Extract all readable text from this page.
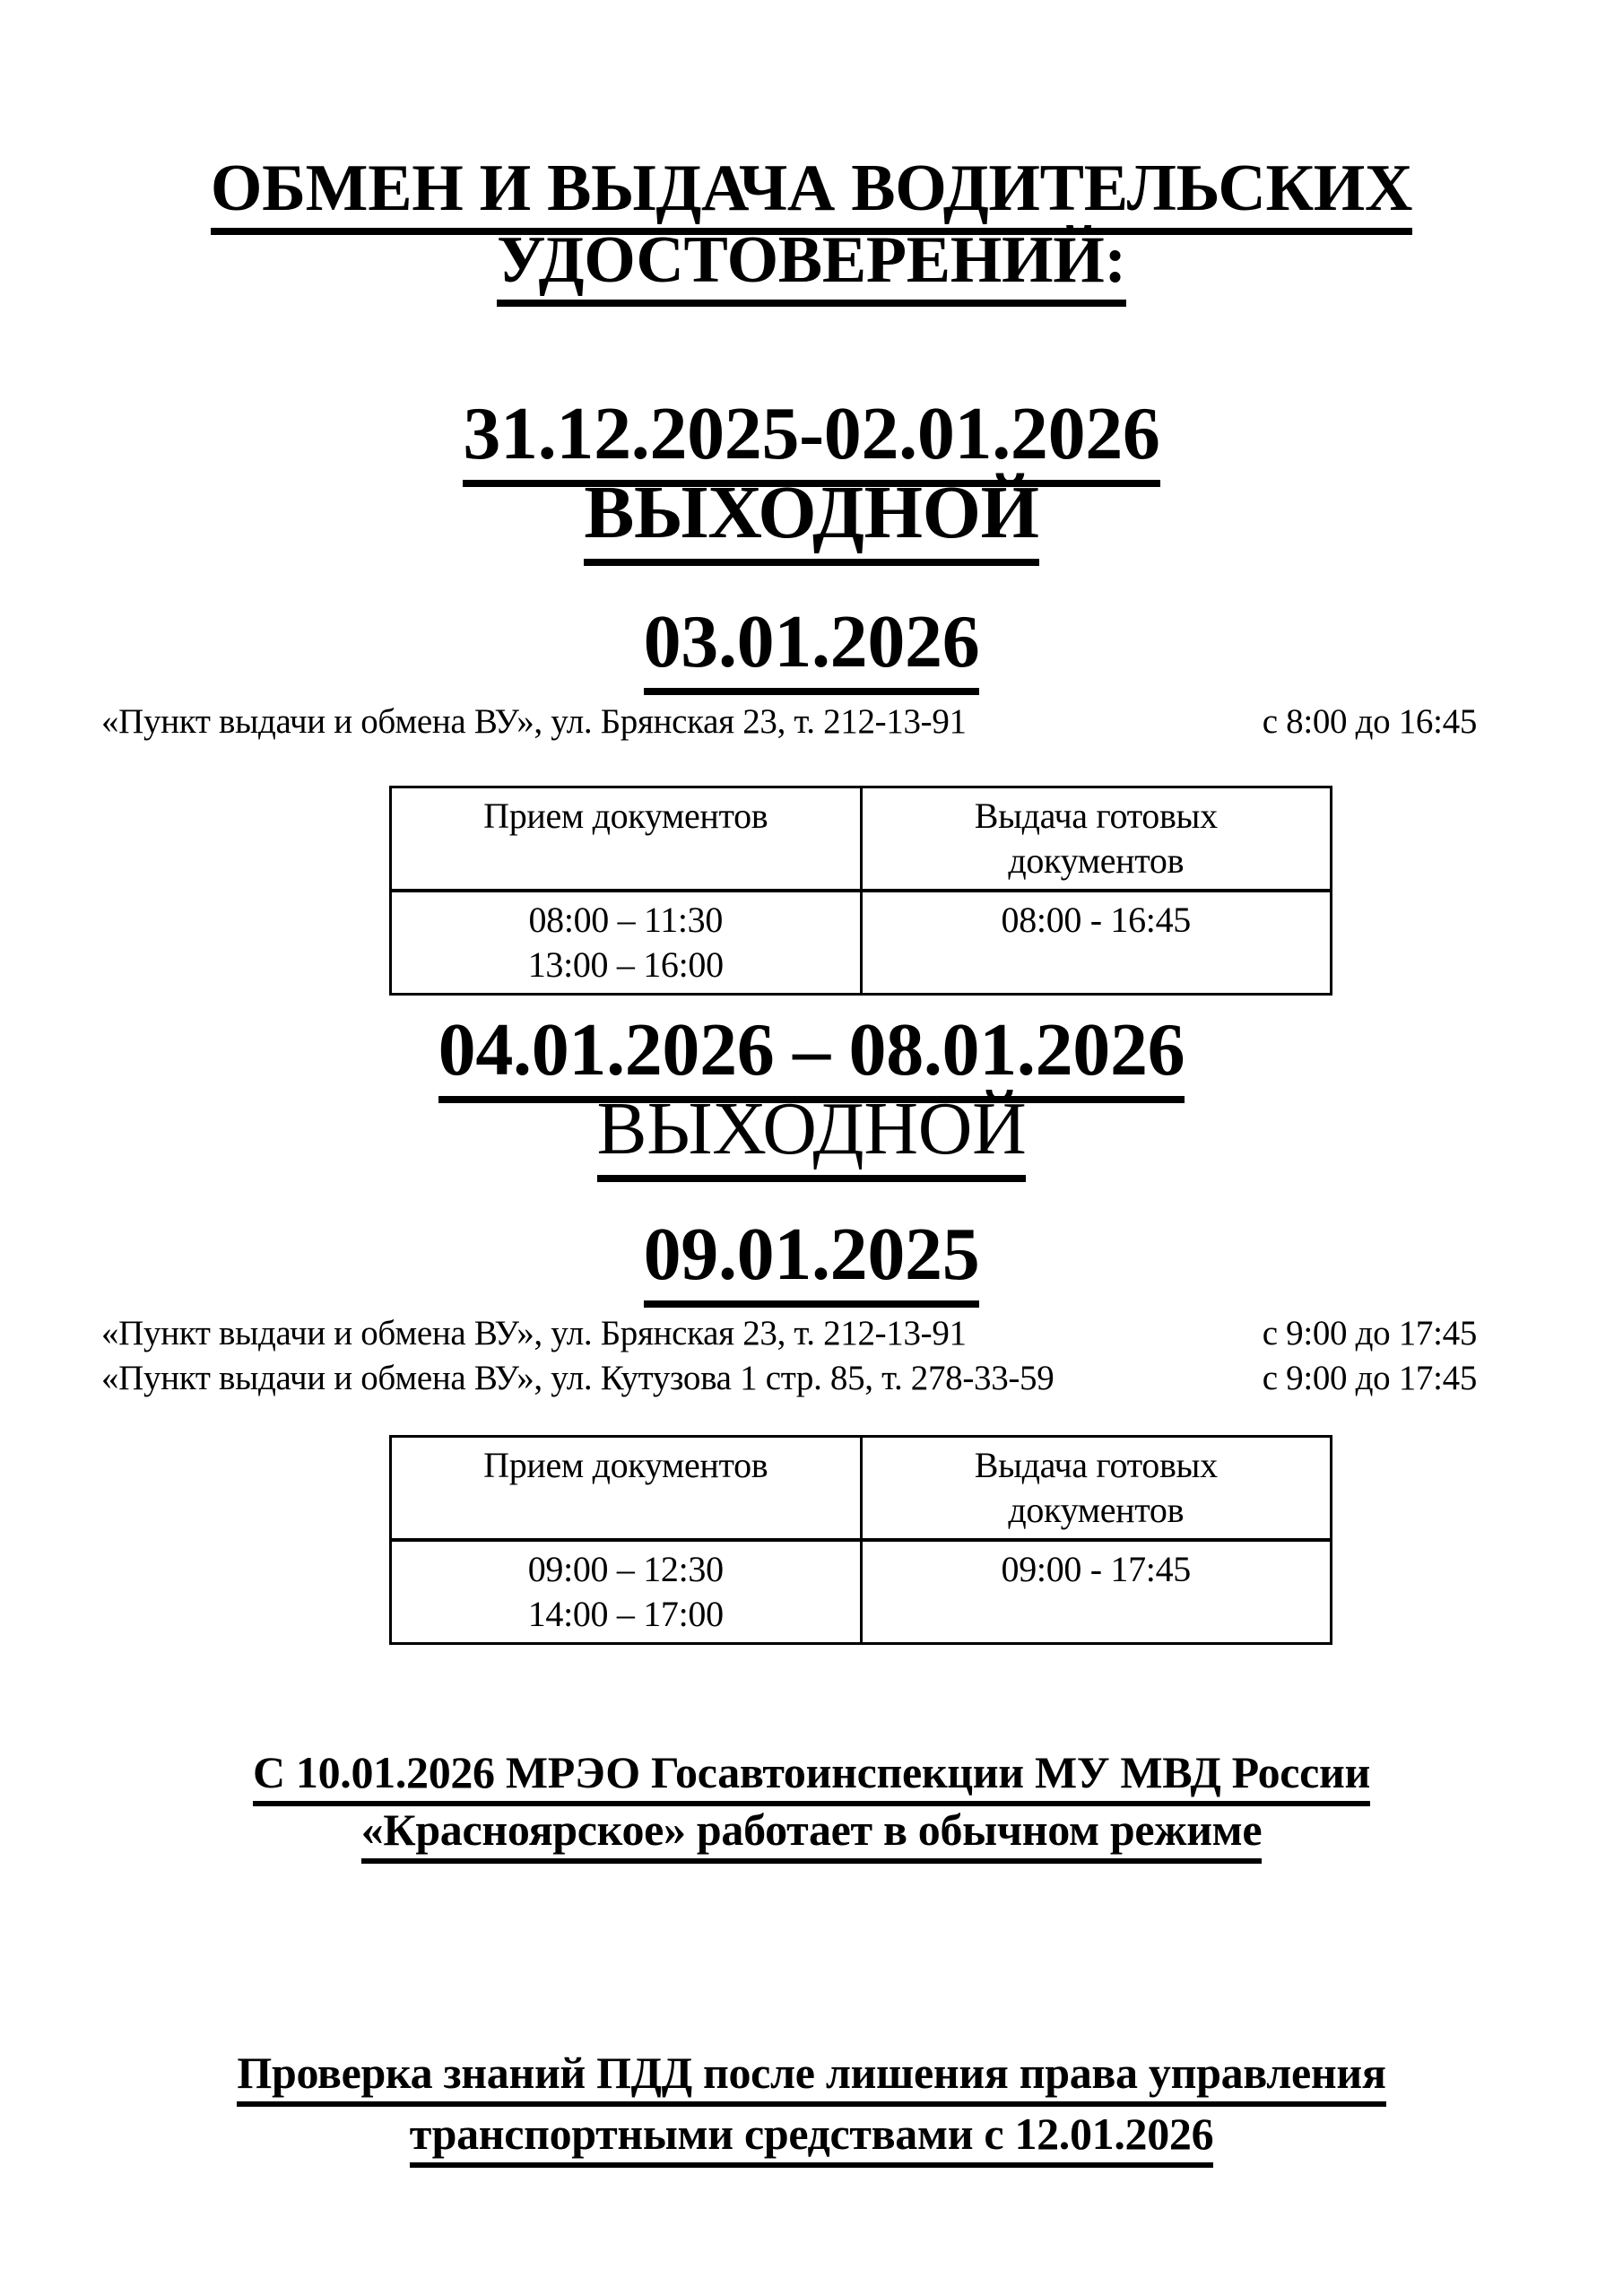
ОБМЕН И ВЫДАЧА ВОДИТЕЛЬСКИХ
УДОСТОВЕРЕНИЙ:
31.12.2025-02.01.2026
ВЫХОДНОЙ
03.01.2026
«Пункт выдачи и обмена ВУ», ул. Брянская 23, т. 212-13-91	с 8:00 до 16:45
Прием документов	Выдача готовых документов

08:00 – 11:30
13:00 – 16:00	08:00 - 16:45
04.01.2026 – 08.01.2026
ВЫХОДНОЙ
09.01.2025
«Пункт выдачи и обмена ВУ», ул. Брянская 23, т. 212-13-91	с 9:00 до 17:45
«Пункт выдачи и обмена ВУ», ул. Кутузова 1 стр. 85, т. 278-33-59	с 9:00 до 17:45
Прием документов	Выдача готовых документов

09:00 – 12:30
14:00 – 17:00	09:00 - 17:45
С 10.01.2026 МРЭО Госавтоинспекции МУ МВД России
«Красноярское» работает в обычном режиме
Проверка знаний ПДД после лишения права управления
транспортными средствами с 12.01.2026
